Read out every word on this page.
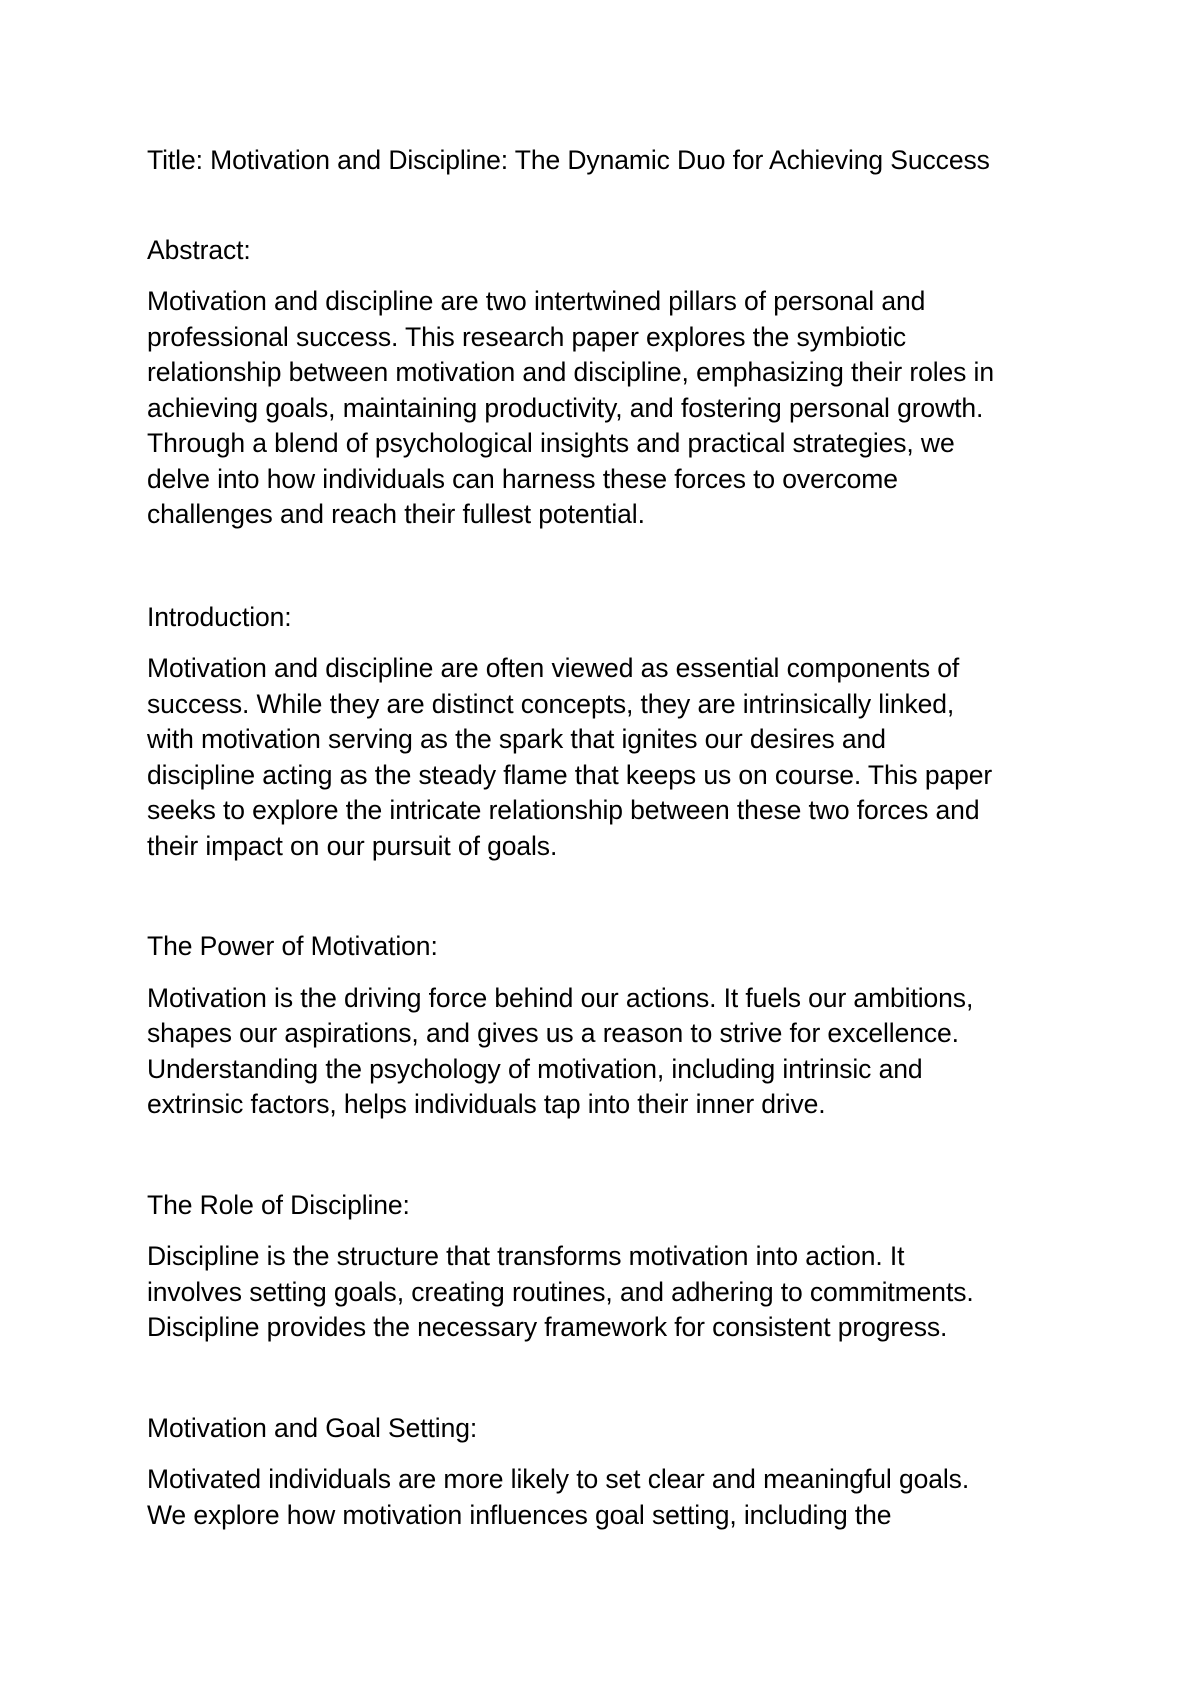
Title: Motivation and Discipline: The Dynamic Duo for Achieving Success

Abstract:

Motivation and discipline are two intertwined pillars of personal and

professional success. This research paper explores the symbiotic

relationship between motivation and discipline, emphasizing their roles in

achieving goals, maintaining productivity, and fostering personal growth.

Through a blend of psychological insights and practical strategies, we

delve into how individuals can harness these forces to overcome

challenges and reach their fullest potential.

Introduction:

Motivation and discipline are often viewed as essential components of

success. While they are distinct concepts, they are intrinsically linked,

with motivation serving as the spark that ignites our desires and

discipline acting as the steady flame that keeps us on course. This paper

seeks to explore the intricate relationship between these two forces and

their impact on our pursuit of goals.

The Power of Motivation:

Motivation is the driving force behind our actions. It fuels our ambitions,

shapes our aspirations, and gives us a reason to strive for excellence.

Understanding the psychology of motivation, including intrinsic and

extrinsic factors, helps individuals tap into their inner drive.

The Role of Discipline:

Discipline is the structure that transforms motivation into action. It

involves setting goals, creating routines, and adhering to commitments.

Discipline provides the necessary framework for consistent progress.

Motivation and Goal Setting:

Motivated individuals are more likely to set clear and meaningful goals.

We explore how motivation influences goal setting, including the
